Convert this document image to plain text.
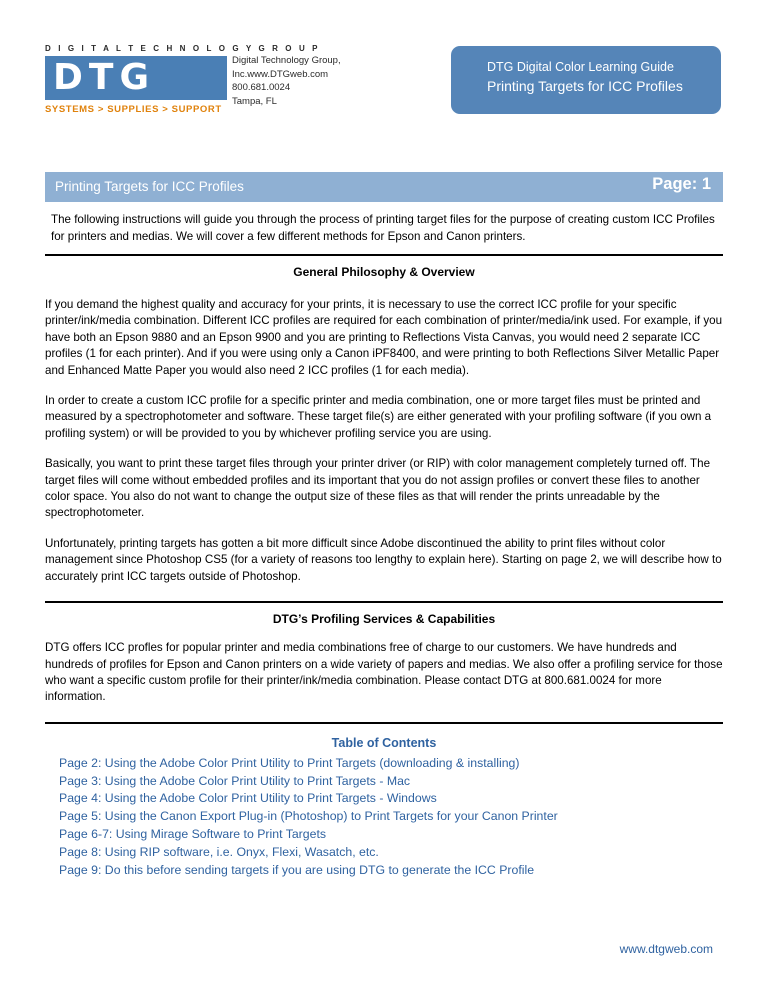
D I G I T A L T E C H N O L O G Y G R O U P
DTG
SYSTEMS > SUPPLIES > SUPPORT
Digital Technology Group,
Inc.www.DTGweb.com
800.681.0024
Tampa, FL
DTG Digital Color Learning Guide
Printing Targets for ICC Profiles
Printing Targets for ICC Profiles	Page: 1
The following instructions will guide you through the process of printing target files for the purpose of creating custom ICC Profiles for printers and medias. We will cover a few different methods for Epson and Canon printers.
General Philosophy & Overview

If you demand the highest quality and accuracy for your prints, it is necessary to use the correct ICC profile for your specific printer/ink/media combination. Different ICC profiles are required for each combination of printer/media/ink used. For example, if you have both an Epson 9880 and an Epson 9900 and you are printing to Reflections Vista Canvas, you would need 2 separate ICC profiles (1 for each printer). And if you were using only a Canon iPF8400, and were printing to both Reflections Silver Metallic Paper and Enhanced Matte Paper you would also need 2 ICC profiles (1 for each media).

In order to create a custom ICC profile for a specific printer and media combination, one or more target files must be printed and measured by a spectrophotometer and software. These target file(s) are either generated with your profiling software (if you own a profiling system) or will be provided to you by whichever profiling service you are using.

Basically, you want to print these target files through your printer driver (or RIP) with color management completely turned off. The target files will come without embedded profiles and its important that you do not assign profiles or convert these files to another color space. You also do not want to change the output size of these files as that will render the prints unreadable by the spectrophotometer.

Unfortunately, printing targets has gotten a bit more difficult since Adobe discontinued the ability to print files without color management since Photoshop CS5 (for a variety of reasons too lengthy to explain here). Starting on page 2, we will describe how to accurately print ICC targets outside of Photoshop.

DTG’s Profiling Services & Capabilities

DTG offers ICC profles for popular printer and media combinations free of charge to our customers. We have hundreds and hundreds of profiles for Epson and Canon printers on a wide variety of papers and medias. We also offer a profiling service for those who want a specific custom profile for their printer/ink/media combination. Please contact DTG at 800.681.0024 for more information.

Table of Contents
Page 2: Using the Adobe Color Print Utility to Print Targets (downloading & installing)
Page 3: Using the Adobe Color Print Utility to Print Targets - Mac
Page 4: Using the Adobe Color Print Utility to Print Targets - Windows
Page 5: Using the Canon Export Plug-in (Photoshop) to Print Targets for your Canon Printer
Page 6-7: Using Mirage Software to Print Targets
Page 8: Using RIP software, i.e. Onyx, Flexi, Wasatch, etc.
Page 9: Do this before sending targets if you are using DTG to generate the ICC Profile
www.dtgweb.com
